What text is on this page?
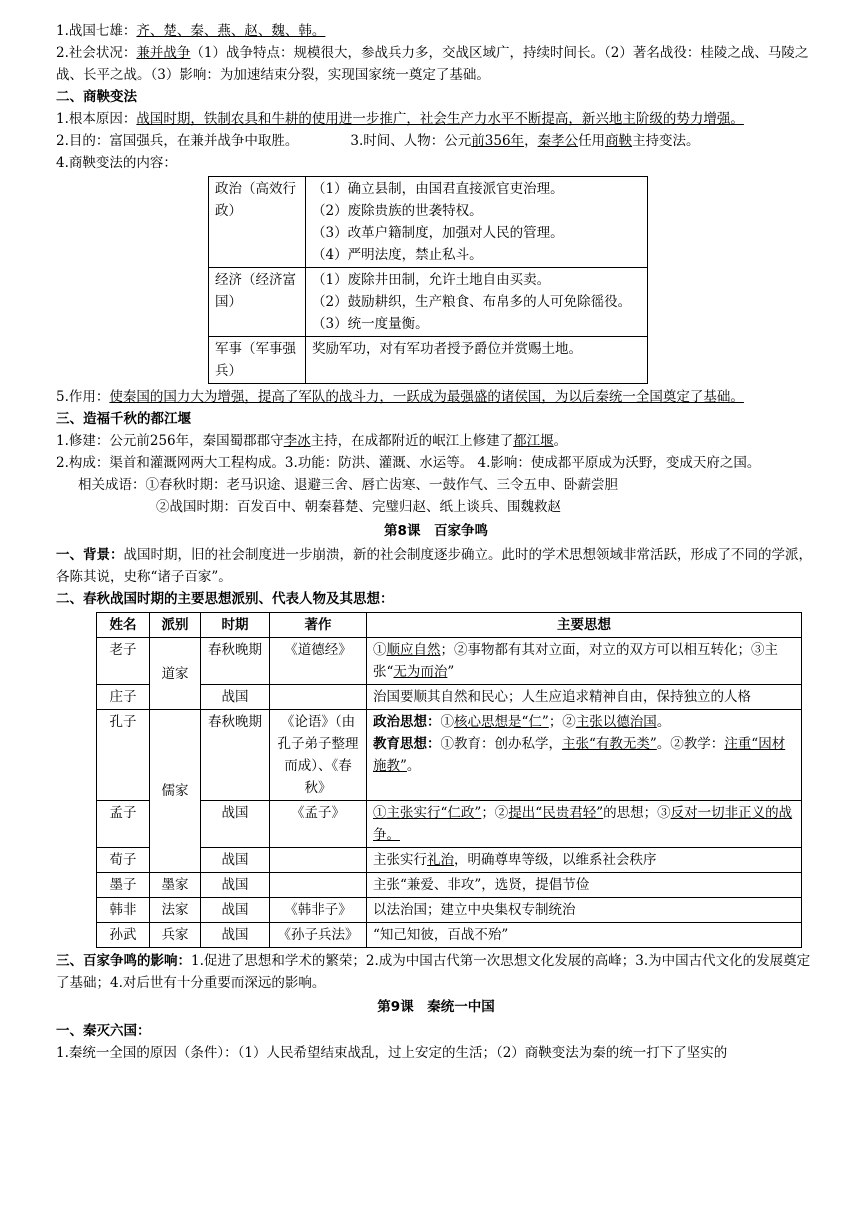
1.战国七雄：齐、楚、秦、燕、赵、魏、韩。

2.社会状况：兼并战争（1）战争特点：规模很大，参战兵力多，交战区域广，持续时间长。（2）著名战役：桂陵之战、马陵之战、长平之战。（3）影响：为加速结束分裂，实现国家统一奠定了基础。

二、商鞅变法

1.根本原因：战国时期，铁制农具和牛耕的使用进一步推广，社会生产力水平不断提高，新兴地主阶级的势力增强。

2.目的：富国强兵，在兼并战争中取胜。	3.时间、人物：公元前356年，秦孝公任用商鞅主持变法。

4.商鞅变法的内容：

政治（高效行政）	（1）确立县制，由国君直接派官吏治理。
（2）废除贵族的世袭特权。
（3）改革户籍制度，加强对人民的管理。
（4）严明法度，禁止私斗。

经济（经济富国）	（1）废除井田制，允许土地自由买卖。
（2）鼓励耕织，生产粮食、布帛多的人可免除徭役。
（3）统一度量衡。

军事（军事强兵）	奖励军功，对有军功者授予爵位并赏赐土地。

5.作用：使秦国的国力大为增强，提高了军队的战斗力，一跃成为最强盛的诸侯国，为以后秦统一全国奠定了基础。

三、造福千秋的都江堰

1.修建：公元前256年，秦国蜀郡郡守李冰主持，在成都附近的岷江上修建了都江堰。

2.构成：渠首和灌溉网两大工程构成。3.功能：防洪、灌溉、水运等。 4.影响：使成都平原成为沃野，变成天府之国。

相关成语：①春秋时期：老马识途、退避三舍、唇亡齿寒、一鼓作气、三令五申、卧薪尝胆

②战国时期：百发百中、朝秦暮楚、完璧归赵、纸上谈兵、围魏救赵

第8课　百家争鸣

一、背景：战国时期，旧的社会制度进一步崩溃，新的社会制度逐步确立。此时的学术思想领域非常活跃，形成了不同的学派，各陈其说，史称“诸子百家”。

二、春秋战国时期的主要思想派别、代表人物及其思想：

姓名	派别	时期	著作	主要思想
老子	道家	春秋晚期	《道德经》	①顺应自然；②事物都有其对立面，对立的双方可以相互转化；③主张“无为而治”
庄子		战国		治国要顺其自然和民心；人生应追求精神自由，保持独立的人格
孔子	儒家	春秋晚期	《论语》（由孔子弟子整理而成）、《春秋》	政治思想：①核心思想是“仁”；②主张以德治国。
教育思想：①教育：创办私学，主张“有教无类”。②教学：注重“因材施教”。

孟子		战国	《孟子》	①主张实行“仁政”；②提出“民贵君轻”的思想；③反对一切非正义的战争。
荀子		战国		主张实行礼治，明确尊卑等级，以维系社会秩序
墨子	墨家	战国		主张“兼爱、非攻”，选贤，提倡节俭
韩非	法家	战国	《韩非子》	以法治国；建立中央集权专制统治
孙武	兵家	战国	《孙子兵法》	“知己知彼，百战不殆”

三、百家争鸣的影响：1.促进了思想和学术的繁荣；2.成为中国古代第一次思想文化发展的高峰；3.为中国古代文化的发展奠定了基础；4.对后世有十分重要而深远的影响。

第9课　秦统一中国

一、秦灭六国：

1.秦统一全国的原因（条件）：（1）人民希望结束战乱，过上安定的生活；（2）商鞅变法为秦的统一打下了坚实的
